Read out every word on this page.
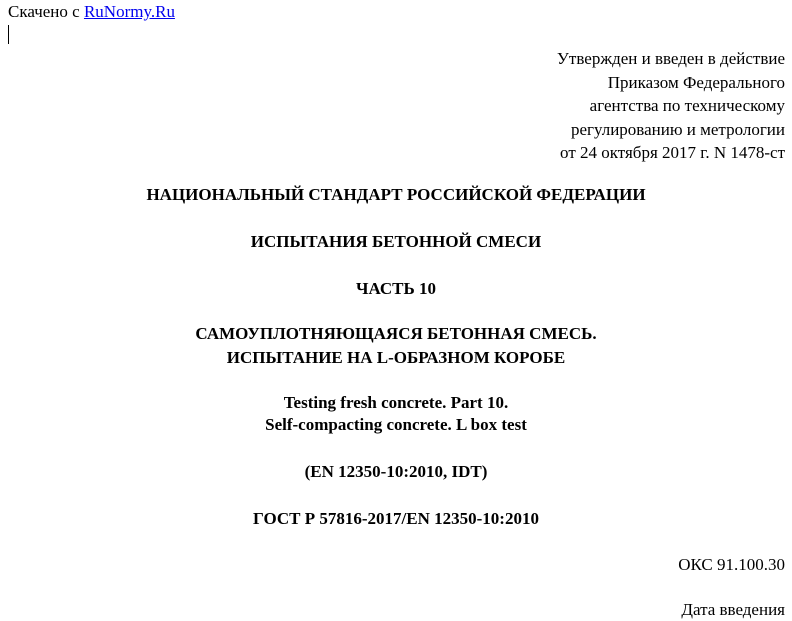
Скачено с RuNormy.Ru
Утвержден и введен в действие
Приказом Федерального
агентства по техническому
регулированию и метрологии
от 24 октября 2017 г. N 1478-ст
НАЦИОНАЛЬНЫЙ СТАНДАРТ РОССИЙСКОЙ ФЕДЕРАЦИИ
ИСПЫТАНИЯ БЕТОННОЙ СМЕСИ
ЧАСТЬ 10
САМОУПЛОТНЯЮЩАЯСЯ БЕТОННАЯ СМЕСЬ.
ИСПЫТАНИЕ НА L-ОБРАЗНОМ КОРОБЕ
Testing fresh concrete. Part 10.
Self-compacting concrete. L box test
(EN 12350-10:2010, IDT)
ГОСТ Р 57816-2017/EN 12350-10:2010
ОКС 91.100.30
Дата введения
